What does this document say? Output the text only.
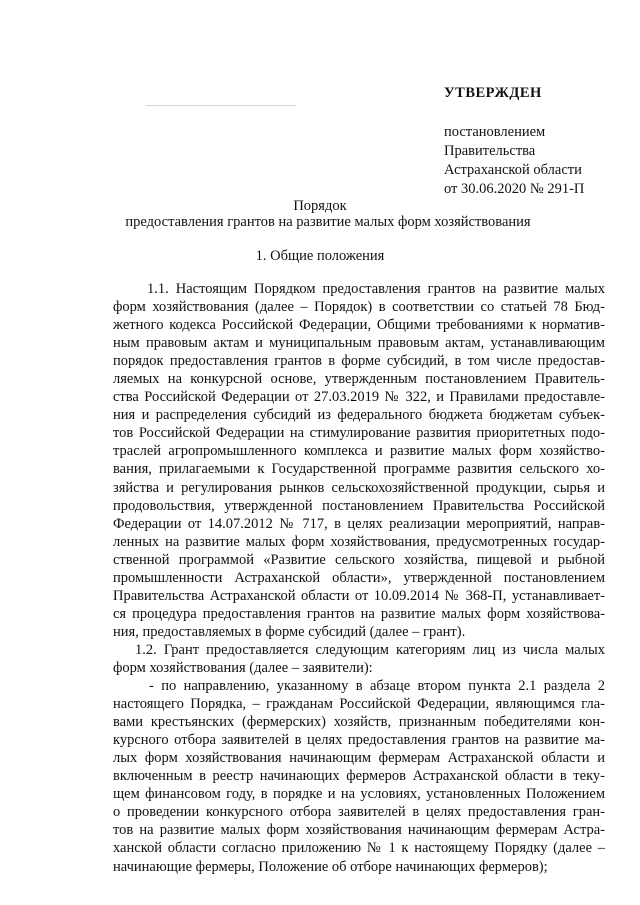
УТВЕРЖДЕН
постановлением
Правительства
Астраханской области
от 30.06.2020 № 291-П
Порядок
предоставления грантов на развитие малых форм хозяйствования
1. Общие положения
1.1. Настоящим Порядком предоставления грантов на развитие малых
форм хозяйствования (далее – Порядок) в соответствии со статьей 78 Бюд-
жетного кодекса Российской Федерации, Общими требованиями к норматив-
ным правовым актам и муниципальным правовым актам, устанавливающим
порядок предоставления грантов в форме субсидий, в том числе предостав-
ляемых на конкурсной основе, утвержденным постановлением Правитель-
ства Российской Федерации от 27.03.2019 № 322, и Правилами предоставле-
ния и распределения субсидий из федерального бюджета бюджетам субъек-
тов Российской Федерации на стимулирование развития приоритетных подо-
траслей агропромышленного комплекса и развитие малых форм хозяйство-
вания, прилагаемыми к Государственной программе развития сельского хо-
зяйства и регулирования рынков сельскохозяйственной продукции, сырья и
продовольствия, утвержденной постановлением Правительства Российской
Федерации от 14.07.2012 № 717, в целях реализации мероприятий, направ-
ленных на развитие малых форм хозяйствования, предусмотренных государ-
ственной программой «Развитие сельского хозяйства, пищевой и рыбной
промышленности Астраханской области», утвержденной постановлением
Правительства Астраханской области от 10.09.2014 № 368-П, устанавливает-
ся процедура предоставления грантов на развитие малых форм хозяйствова-
ния, предоставляемых в форме субсидий (далее – грант).
1.2. Грант предоставляется следующим категориям лиц из числа малых
форм хозяйствования (далее – заявители):
- по направлению, указанному в абзаце втором пункта 2.1 раздела 2
настоящего Порядка, – гражданам Российской Федерации, являющимся гла-
вами крестьянских (фермерских) хозяйств, признанным победителями кон-
курсного отбора заявителей в целях предоставления грантов на развитие ма-
лых форм хозяйствования начинающим фермерам Астраханской области и
включенным в реестр начинающих фермеров Астраханской области в теку-
щем финансовом году, в порядке и на условиях, установленных Положением
о проведении конкурсного отбора заявителей в целях предоставления гран-
тов на развитие малых форм хозяйствования начинающим фермерам Астра-
ханской области согласно приложению № 1 к настоящему Порядку (далее –
начинающие фермеры, Положение об отборе начинающих фермеров);
